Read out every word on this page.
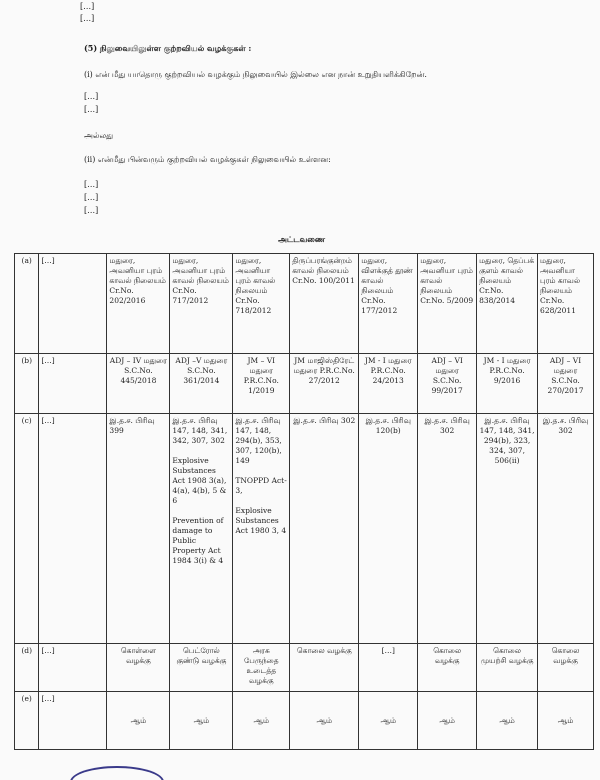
[…]
[…]
(5) நிலுவையிலுள்ள குற்றவியல் வழக்குகள் :
(i) என் மீது யாதொரு குற்றவியல் வழக்கும் நிலுவையில் இல்லை என நான் உறுதியளிக்கிறேன்.
[…]
[…]
அல்லது
(ii) என்மீது பின்வரும் குற்றவியல் வழக்குகள் நிலுவையில் உள்ளன:
[…]
[…]
[…]
அட்டவணை
(a)	[…]	மதுரை, அவனியா புரம் காவல் நிலையம் Cr.No. 202/2016	மதுரை, அவனியா புரம் காவல் நிலையம் Cr.No. 717/2012	மதுரை, அவனியா புரம் காவல் நிலையம் Cr.No. 718/2012	திருப்பரங்குன்றம் காவல் நிலையம் Cr.No. 100/2011	மதுரை, விளக்குத் தூண் காவல் நிலையம் Cr.No. 177/2012	மதுரை, அவனியா புரம் காவல் நிலையம் Cr.No. 5/2009	மதுரை, தெப்பக் குளம் காவல் நிலையம் Cr.No. 838/2014	மதுரை, அவனியா புரம் காவல் நிலையம் Cr.No. 628/2011
(b)	[…]	ADJ – IV மதுரை S.C.No. 445/2018	ADJ –V மதுரை S.C.No. 361/2014	JM – VI மதுரை P.R.C.No. 1/2019	JM மாஜிஸ்திரேட் மதுரை P.R.C.No. 27/2012	JM - I மதுரை P.R.C.No. 24/2013	ADJ – VI மதுரை S.C.No. 99/2017	JM - I மதுரை P.R.C.No. 9/2016	ADJ – VI மதுரை S.C.No. 270/2017
(c)	[…]	இ.த.ச. பிரிவு 399	இ.த.ச. பிரிவு 147, 148, 341, 342, 307, 302

Explosive Substances Act 1908 3(a), 4(a), 4(b), 5 & 6

Prevention of damage to Public Property Act 1984 3(i) & 4	இ.த.ச. பிரிவு 147, 148, 294(b), 353, 307, 120(b), 149

TNOPPD Act-3,

Explosive Substances Act 1980 3, 4	இ.த.ச. பிரிவு 302	இ.த.ச. பிரிவு 120(b)	இ.த.ச. பிரிவு 302	இ.த.ச. பிரிவு 147, 148, 341, 294(b), 323, 324, 307, 506(ii)	இ.த.ச. பிரிவு 302
(d)	[…]	கொள்ளை வழக்கு	பெட்ரோல் குண்டு வழக்கு	அரசு பேருந்தை உடைத்த வழக்கு	கொலை வழக்கு	[…]	கொலை வழக்கு	கொலை முயற்சி வழக்கு	கொலை வழக்கு
(e)	[…]	ஆம்	ஆம்	ஆம்	ஆம்	ஆம்	ஆம்	ஆம்	ஆம்
